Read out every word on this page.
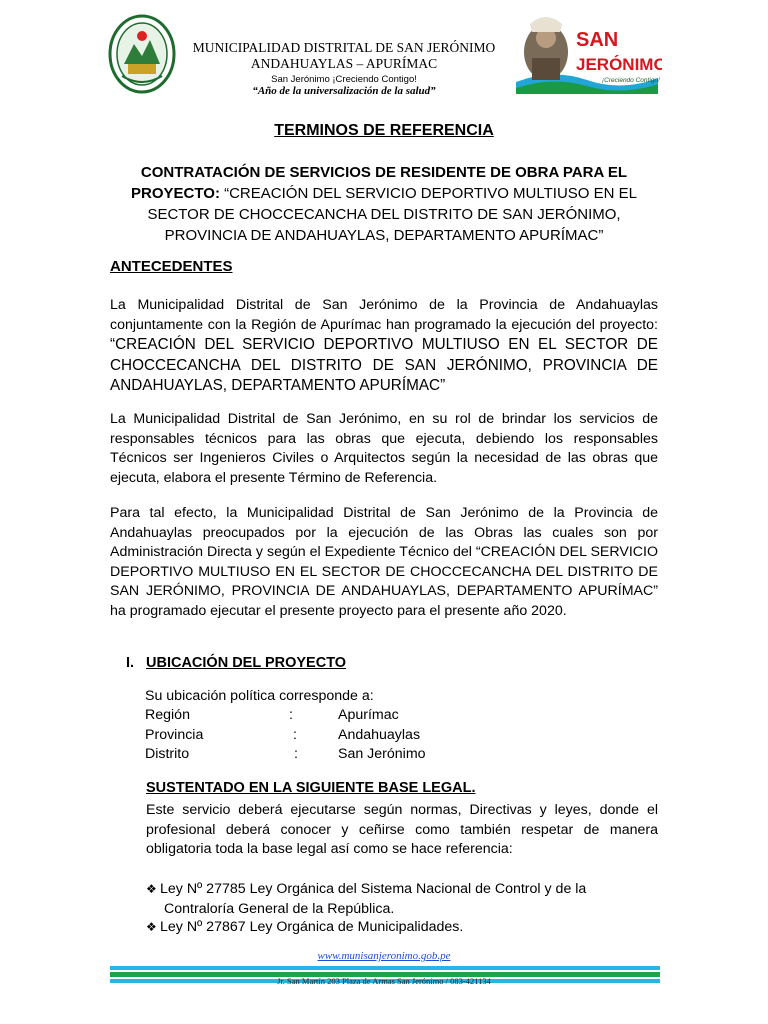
MUNICIPALIDAD DISTRITAL DE SAN JERÓNIMO
ANDAHUAYLAS – APURÍMAC
San Jerónimo ¡Creciendo Contigo!
“Año de la universalización de la salud”
SAN
JERÓNIMO
¡Creciendo Contigo!
TERMINOS DE REFERENCIA
CONTRATACIÓN DE SERVICIOS DE RESIDENTE DE OBRA PARA EL
PROYECTO: “CREACIÓN DEL SERVICIO DEPORTIVO MULTIUSO EN EL SECTOR DE CHOCCECANCHA DEL DISTRITO DE SAN JERÓNIMO, PROVINCIA DE ANDAHUAYLAS, DEPARTAMENTO APURÍMAC”
ANTECEDENTES
La Municipalidad Distrital de San Jerónimo de la Provincia de Andahuaylas conjuntamente con la Región de Apurímac han programado la ejecución del proyecto: “CREACIÓN DEL SERVICIO DEPORTIVO MULTIUSO EN EL SECTOR DE CHOCCECANCHA DEL DISTRITO DE SAN JERÓNIMO, PROVINCIA DE ANDAHUAYLAS, DEPARTAMENTO APURÍMAC”
La Municipalidad Distrital de San Jerónimo, en su rol de brindar los servicios de responsables técnicos para las obras que ejecuta, debiendo los responsables Técnicos ser Ingenieros Civiles o Arquitectos según la necesidad de las obras que ejecuta, elabora el presente Término de Referencia.
Para tal efecto, la Municipalidad Distrital de San Jerónimo de la Provincia de Andahuaylas preocupados por la ejecución de las Obras las cuales son por Administración Directa y según el Expediente Técnico del “CREACIÓN DEL SERVICIO DEPORTIVO MULTIUSO EN EL SECTOR DE CHOCCECANCHA DEL DISTRITO DE SAN JERÓNIMO, PROVINCIA DE ANDAHUAYLAS, DEPARTAMENTO APURÍMAC” ha programado ejecutar el presente proyecto para el presente año 2020.
I. UBICACIÓN DEL PROYECTO
Su ubicación política corresponde a:
Región	:	Apurímac
Provincia	:	Andahuaylas
Distrito	:	San Jerónimo
SUSTENTADO EN LA SIGUIENTE BASE LEGAL.
Este servicio deberá ejecutarse según normas, Directivas y leyes, donde el profesional deberá conocer y ceñirse como también respetar de manera obligatoria toda la base legal así como se hace referencia:
❖ Ley Nº 27785 Ley Orgánica del Sistema Nacional de Control y de la
Contraloría General de la República.
❖ Ley Nº 27867 Ley Orgánica de Municipalidades.
www.munisanjeronimo.gob.pe
Jr. San Martín 203 Plaza de Armas San Jerónimo / 083-421134
